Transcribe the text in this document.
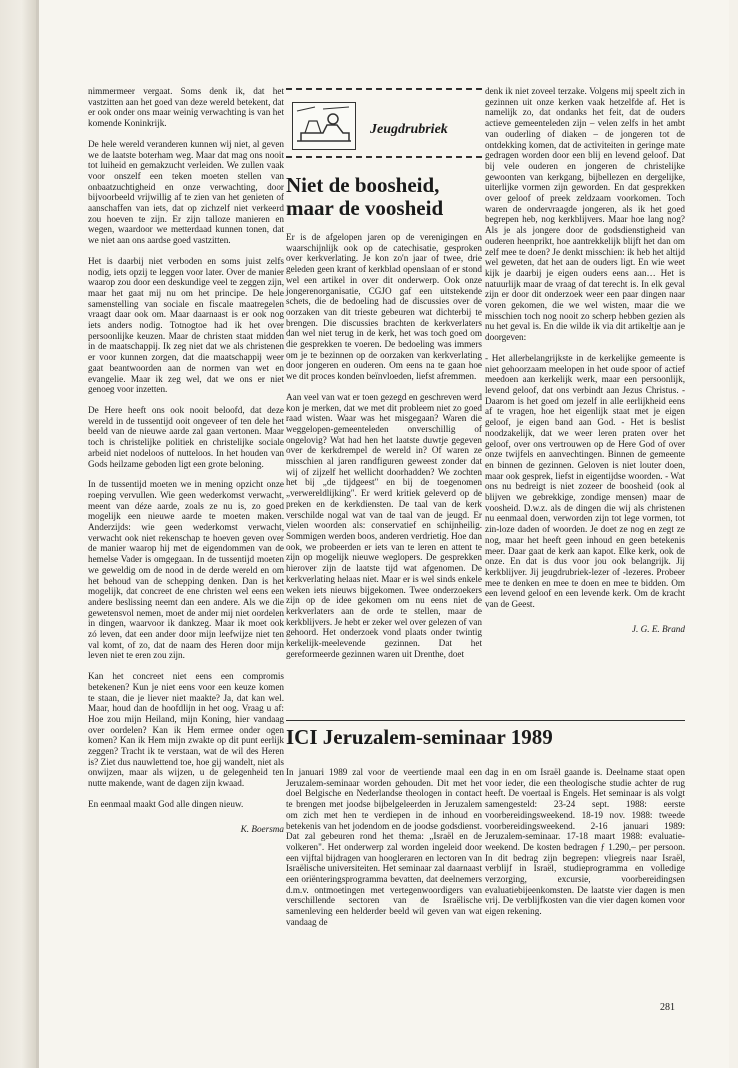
nimmermeer vergaat. Soms denk ik, dat het vastzitten aan het goed van deze wereld betekent, dat er ook onder ons maar weinig verwachting is van het komende Koninkrijk.

De hele wereld veranderen kunnen wij niet, al geven we de laatste boterham weg. Maar dat mag ons nooit tot luiheid en gemakzucht verleiden. We zullen vaak voor onszelf een teken moeten stellen van onbaatzuchtigheid en onze verwachting, door bijvoorbeeld vrijwillig af te zien van het genieten of aanschaffen van iets, dat op zichzelf niet verkeerd zou hoeven te zijn. Er zijn talloze manieren en wegen, waardoor we metterdaad kunnen tonen, dat we niet aan ons aardse goed vastzitten.

Het is daarbij niet verboden en soms juist zelfs nodig, iets opzij te leggen voor later. Over de manier waarop zou door een deskundige veel te zeggen zijn, maar het gaat mij nu om het principe. De hele samenstelling van sociale en fiscale maatregelen vraagt daar ook om. Maar daarnaast is er ook nog iets anders nodig. Totnogtoe had ik het over persoonlijke keuzen. Maar de christen staat midden in de maatschappij. Ik zeg niet dat we als christenen er voor kunnen zorgen, dat die maatschappij weer gaat beantwoorden aan de normen van wet en evangelie. Maar ik zeg wel, dat we ons er niet genoeg voor inzetten.

De Here heeft ons ook nooit beloofd, dat deze wereld in de tussentijd ooit ongeveer of ten dele het beeld van de nieuwe aarde zal gaan vertonen. Maar toch is christelijke politiek en christelijke sociale arbeid niet nodeloos of nutteloos. In het houden van Gods heilzame geboden ligt een grote beloning.

In de tussentijd moeten we in mening opzicht onze roeping vervullen. Wie geen wederkomst verwacht, meent van déze aarde, zoals ze nu is, zo goed mogelijk een nieuwe aarde te moeten maken. Anderzijds: wie geen wederkomst verwacht, verwacht ook niet rekenschap te hoeven geven over de manier waarop hij met de eigendommen van de hemelse Vader is omgegaan. In de tussentijd moeten we geweldig om de nood in de derde wereld en om het behoud van de schepping denken. Dan is het mogelijk, dat concreet de ene christen wel eens een andere beslissing neemt dan een andere. Als we die gewetensvol nemen, moet de ander mij niet oordelen in dingen, waarvoor ik dankzeg. Maar ik moet ook zó leven, dat een ander door mijn leefwijze niet ten val komt, of zo, dat de naam des Heren door mijn leven niet te eren zou zijn.

Kan het concreet niet eens een compromis betekenen? Kun je niet eens voor een keuze komen te staan, die je liever niet maakte? Ja, dat kan wel. Maar, houd dan de hoofdlijn in het oog. Vraag u af: Hoe zou mijn Heiland, mijn Koning, hier vandaag over oordelen? Kan ik Hem ermee onder ogen komen? Kan ik Hem mijn zwakte op dit punt eerlijk zeggen? Tracht ik te verstaan, wat de wil des Heren is? Ziet dus nauwlettend toe, hoe gij wandelt, niet als onwijzen, maar als wijzen, u de gelegenheid ten nutte makende, want de dagen zijn kwaad.

En eenmaal maakt God alle dingen nieuw.

K. Boersma
Jeugdrubriek
Niet de boosheid, maar de voosheid

Er is de afgelopen jaren op de verenigingen en waarschijnlijk ook op de catechisatie, gesproken over kerkverlating. Je kon zo'n jaar of twee, drie geleden geen krant of kerkblad openslaan of er stond wel een artikel in over dit onderwerp. Ook onze jongerenorganisatie, CGJO gaf een uitstekende schets, die de bedoeling had de discussies over de oorzaken van dit trieste gebeuren wat dichterbij te brengen. Die discussies brachten de kerkverlaters dan wel niet terug in de kerk, het was toch goed om die gesprekken te voeren. De bedoeling was immers om je te bezinnen op de oorzaken van kerkverlating door jongeren en ouderen. Om eens na te gaan hoe we dit proces konden beïnvloeden, liefst afremmen.

Aan veel van wat er toen gezegd en geschreven werd kon je merken, dat we met dit probleem niet zo goed raad wisten. Waar was het misgegaan? Waren die weggelopen-gemeenteleden onverschillig of ongelovig? Wat had hen het laatste duwtje gegeven over de kerkdrempel de wereld in? Of waren ze misschien al jaren randfiguren geweest zonder dat wij of zijzelf het wellicht doorhadden? We zochten het bij „de tijdgeest" en bij de toegenomen „verwereldlijking". Er werd kritiek geleverd op de preken en de kerkdiensten. De taal van de kerk verschilde nogal wat van de taal van de jeugd. Er vielen woorden als: conservatief en schijnheilig. Sommigen werden boos, anderen verdrietig. Hoe dan ook, we probeerden er iets van te leren en attent te zijn op mogelijk nieuwe weglopers. De gesprekken hierover zijn de laatste tijd wat afgenomen. De kerkverlating helaas niet. Maar er is wel sinds enkele weken iets nieuws bijgekomen. Twee onderzoekers zijn op de idee gekomen om nu eens niet de kerkverlaters aan de orde te stellen, maar de kerkblijvers. Je hebt er zeker wel over gelezen of van gehoord. Het onderzoek vond plaats onder twintig kerkelijk-meelevende gezinnen. Dat het gereformeerde gezinnen waren uit Drenthe, doet

denk ik niet zoveel terzake. Volgens mij speelt zich in gezinnen uit onze kerken vaak hetzelfde af. Het is namelijk zo, dat ondanks het feit, dat de ouders actieve gemeenteleden zijn – velen zelfs in het ambt van ouderling of diaken – de jongeren tot de ontdekking komen, dat de activiteiten in geringe mate gedragen worden door een blij en levend geloof. Dat bij vele ouderen en jongeren de christelijke gewoonten van kerkgang, bijbellezen en dergelijke, uiterlijke vormen zijn geworden. En dat gesprekken over geloof of preek zeldzaam voorkomen. Toch waren de ondervraagde jongeren, als ik het goed begrepen heb, nog kerkblijvers. Maar hoe lang nog? Als je als jongere door de godsdienstigheid van ouderen heenprikt, hoe aantrekkelijk blijft het dan om zelf mee te doen? Je denkt misschien: ik heb het altijd wel geweten, dat het aan de ouders ligt. En wie weet kijk je daarbij je eigen ouders eens aan… Het is natuurlijk maar de vraag of dat terecht is. In elk geval zijn er door dit onderzoek weer een paar dingen naar voren gekomen, die we wel wisten, maar die we misschien toch nog nooit zo scherp hebben gezien als nu het geval is. En die wilde ik via dit artikeltje aan je doorgeven:

- Het allerbelangrijkste in de kerkelijke gemeente is niet gehoorzaam meelopen in het oude spoor of actief meedoen aan kerkelijk werk, maar een persoonlijk, levend geloof, dat ons verbindt aan Jezus Christus. - Daarom is het goed om jezelf in alle eerlijkheid eens af te vragen, hoe het eigenlijk staat met je eigen geloof, je eigen band aan God. - Het is beslist noodzakelijk, dat we weer leren praten over het geloof, over ons vertrouwen op de Here God of over onze twijfels en aanvechtingen. Binnen de gemeente en binnen de gezinnen. Geloven is niet louter doen, maar ook gesprek, liefst in eigentijdse woorden. - Wat ons nu bedreigt is niet zozeer de boosheid (ook al blijven we gebrekkige, zondige mensen) maar de voosheid. D.w.z. als de dingen die wij als christenen nu eenmaal doen, verworden zijn tot lege vormen, tot zin-loze daden of woorden. Je doet ze nog en zegt ze nog, maar het heeft geen inhoud en geen betekenis meer. Daar gaat de kerk aan kapot. Elke kerk, ook de onze. En dat is dus voor jou ook belangrijk. Jij kerkblijver. Jij jeugdrubriek-lezer of -lezeres. Probeer mee te denken en mee te doen en mee te bidden. Om een levend geloof en een levende kerk. Om de kracht van de Geest.

J. G. E. Brand
ICI Jeruzalem-seminaar 1989

In januari 1989 zal voor de veertiende maal een Jeruzalem-seminaar worden gehouden. Dit met het doel Belgische en Nederlandse theologen in contact te brengen met joodse bijbelgeleerden in Jeruzalem om zich met hen te verdiepen in de inhoud en betekenis van het jodendom en de joodse godsdienst. Dat zal gebeuren rond het thema: „Israël en de volkeren". Het onderwerp zal worden ingeleid door een vijftal bijdragen van hoogleraren en lectoren van Israëlische universiteiten. Het seminaar zal daarnaast een oriënteringsprogramma bevatten, dat deelnemers d.m.v. ontmoetingen met vertegenwoordigers van verschillende sectoren van de Israëlische samenleving een helderder beeld wil geven van wat vandaag de

dag in en om Israël gaande is. Deelname staat open voor ieder, die een theologische studie achter de rug heeft. De voertaal is Engels. Het seminaar is als volgt samengesteld: 23-24 sept. 1988: eerste voorbereidingsweekend. 18-19 nov. 1988: tweede voorbereidingsweekend. 2-16 januari 1989: Jeruzalem-seminaar. 17-18 maart 1988: evaluatie-weekend. De kosten bedragen ƒ 1.290,– per persoon. In dit bedrag zijn begrepen: vliegreis naar Israël, verblijf in Israël, studieprogramma en volledige verzorging, excursie, voorbereidingsen evaluatiebijeenkomsten. De laatste vier dagen is men vrij. De verblijfkosten van die vier dagen komen voor eigen rekening.

281
